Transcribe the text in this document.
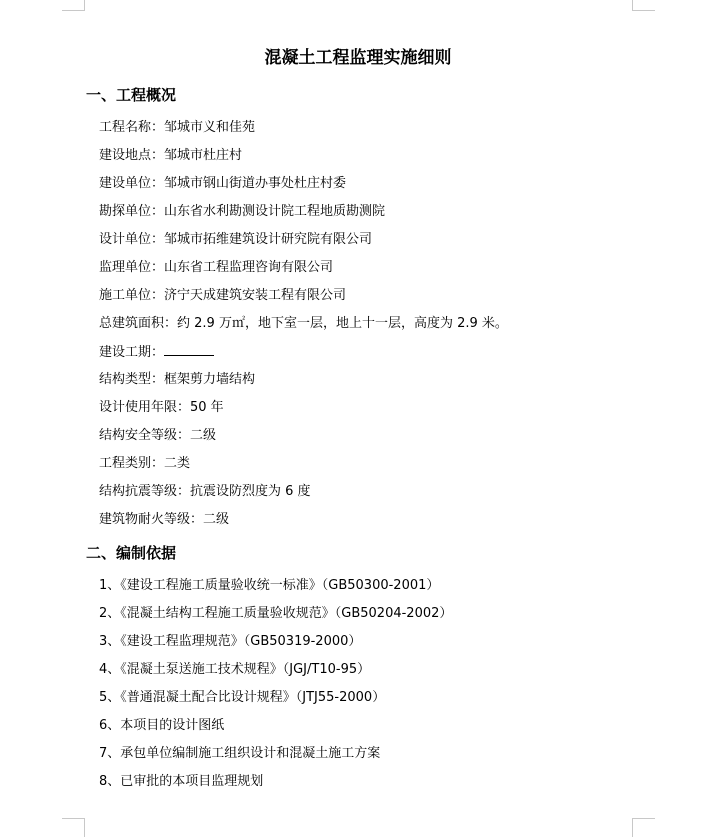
混凝土工程监理实施细则
一、工程概况
工程名称：邹城市义和佳苑
建设地点：邹城市杜庄村
建设单位：邹城市钢山街道办事处杜庄村委
勘探单位：山东省水利勘测设计院工程地质勘测院
设计单位：邹城市拓维建筑设计研究院有限公司
监理单位：山东省工程监理咨询有限公司
施工单位：济宁天成建筑安装工程有限公司
总建筑面积：约 2.9 万㎡，地下室一层，地上十一层，高度为 2.9 米。
建设工期：
结构类型：框架剪力墙结构
设计使用年限：50 年
结构安全等级：二级
工程类别：二类
结构抗震等级：抗震设防烈度为 6 度
建筑物耐火等级：二级
二、编制依据
1、《建设工程施工质量验收统一标准》（GB50300-2001）
2、《混凝土结构工程施工质量验收规范》（GB50204-2002）
3、《建设工程监理规范》（GB50319-2000）
4、《混凝土泵送施工技术规程》（JGJ/T10-95）
5、《普通混凝土配合比设计规程》（JTJ55-2000）
6、本项目的设计图纸
7、承包单位编制施工组织设计和混凝土施工方案
8、已审批的本项目监理规划
